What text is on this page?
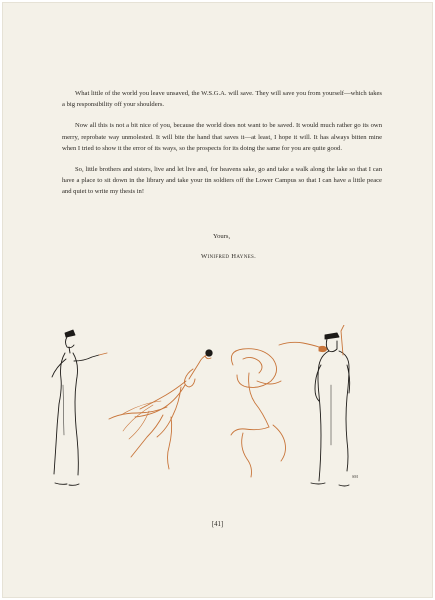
What little of the world you leave unsaved, the W.S.G.A. will save. They will save you from yourself—which takes a big responsibility off your shoulders.

Now all this is not a bit nice of you, because the world does not want to be saved. It would much rather go its own merry, reprobate way unmolested. It will bite the hand that saves it—at least, I hope it will. It has always bitten mine when I tried to show it the error of its ways, so the prospects for its doing the same for you are quite good.

So, little brothers and sisters, live and let live and, for heavens sake, go and take a walk along the lake so that I can have a place to sit down in the library and take your tin soldiers off the Lower Campus so that I can have a little peace and quiet to write my thesis in!

Yours,
Winifred Haynes.
SM
[41]
